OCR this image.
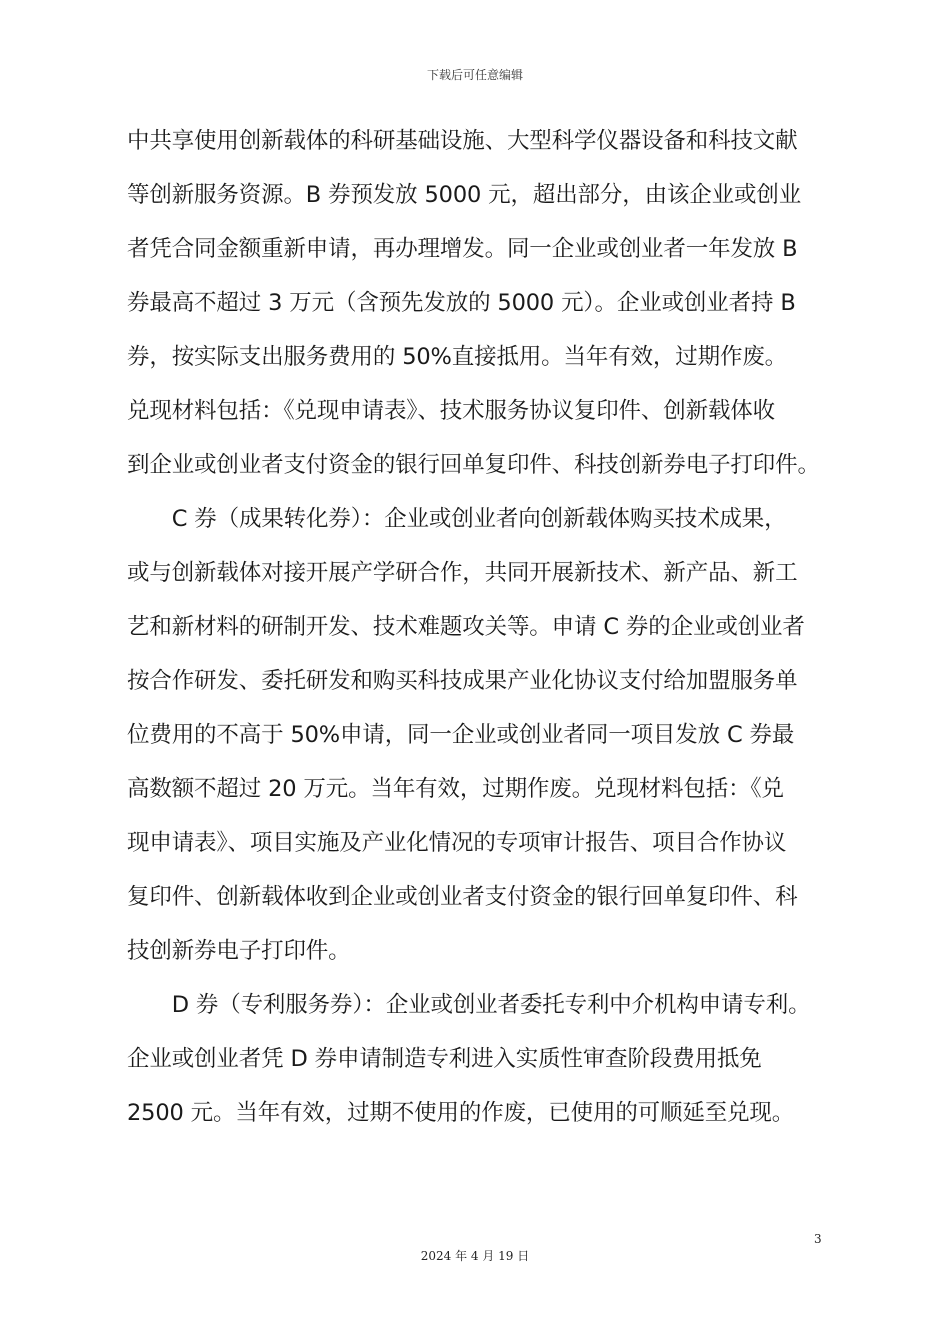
下载后可任意编辑
中共享使用创新载体的科研基础设施、大型科学仪器设备和科技文献
等创新服务资源。B 券预发放 5000 元，超出部分，由该企业或创业
者凭合同金额重新申请，再办理增发。同一企业或创业者一年发放 B
券最高不超过 3 万元（含预先发放的 5000 元）。企业或创业者持 B
券，按实际支出服务费用的 50%直接抵用。当年有效，过期作废。
兑现材料包括：《兑现申请表》、技术服务协议复印件、创新载体收
到企业或创业者支付资金的银行回单复印件、科技创新券电子打印件。
　　C 券（成果转化券）：企业或创业者向创新载体购买技术成果，
或与创新载体对接开展产学研合作，共同开展新技术、新产品、新工
艺和新材料的研制开发、技术难题攻关等。申请 C 券的企业或创业者
按合作研发、委托研发和购买科技成果产业化协议支付给加盟服务单
位费用的不高于 50%申请，同一企业或创业者同一项目发放 C 券最
高数额不超过 20 万元。当年有效，过期作废。兑现材料包括：《兑
现申请表》、项目实施及产业化情况的专项审计报告、项目合作协议
复印件、创新载体收到企业或创业者支付资金的银行回单复印件、科
技创新券电子打印件。
　　D 券（专利服务券）：企业或创业者委托专利中介机构申请专利。
企业或创业者凭 D 券申请制造专利进入实质性审查阶段费用抵免
2500 元。当年有效，过期不使用的作废，已使用的可顺延至兑现。
3
2024 年 4 月 19 日
